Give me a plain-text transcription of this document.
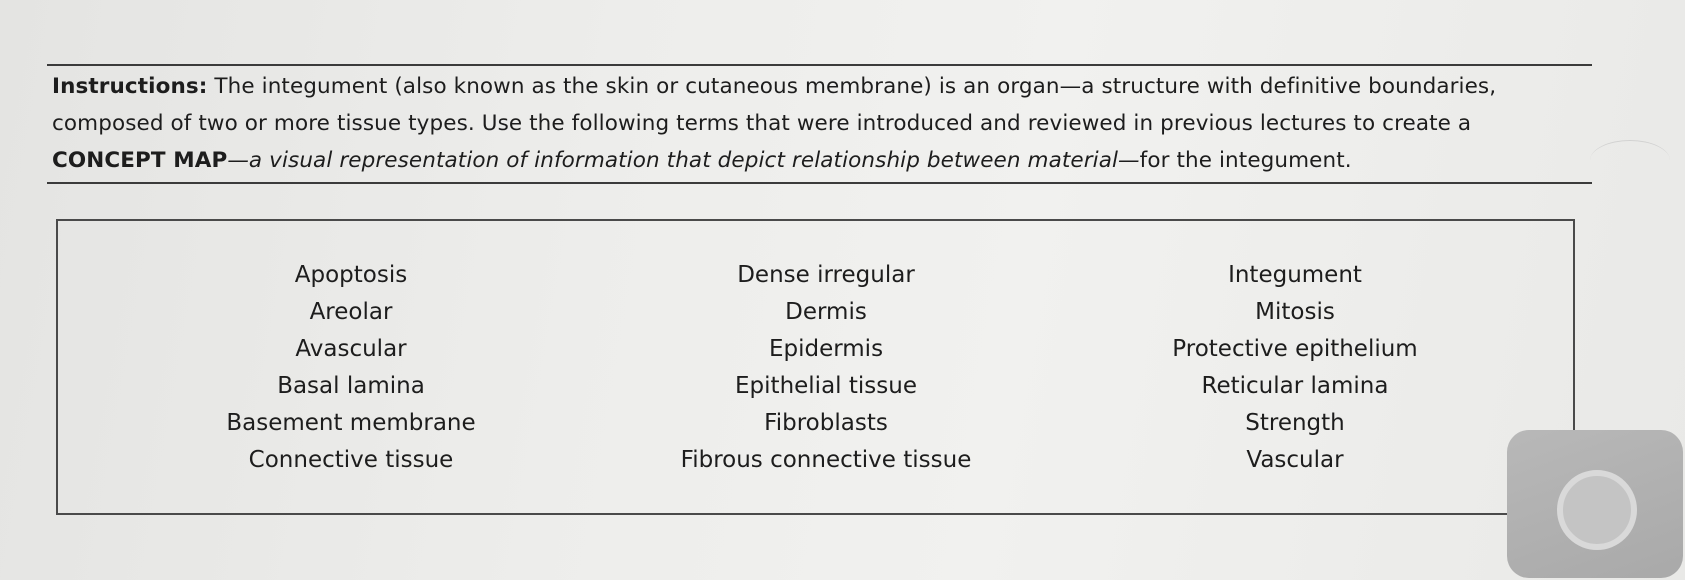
Instructions: The integument (also known as the skin or cutaneous membrane) is an organ—a structure with definitive boundaries,
composed of two or more tissue types. Use the following terms that were introduced and reviewed in previous lectures to create a
CONCEPT MAP—a visual representation of information that depict relationship between material—for the integument.
Apoptosis
Areolar
Avascular
Basal lamina
Basement membrane
Connective tissue
Dense irregular
Dermis
Epidermis
Epithelial tissue
Fibroblasts
Fibrous connective tissue
Integument
Mitosis
Protective epithelium
Reticular lamina
Strength
Vascular
